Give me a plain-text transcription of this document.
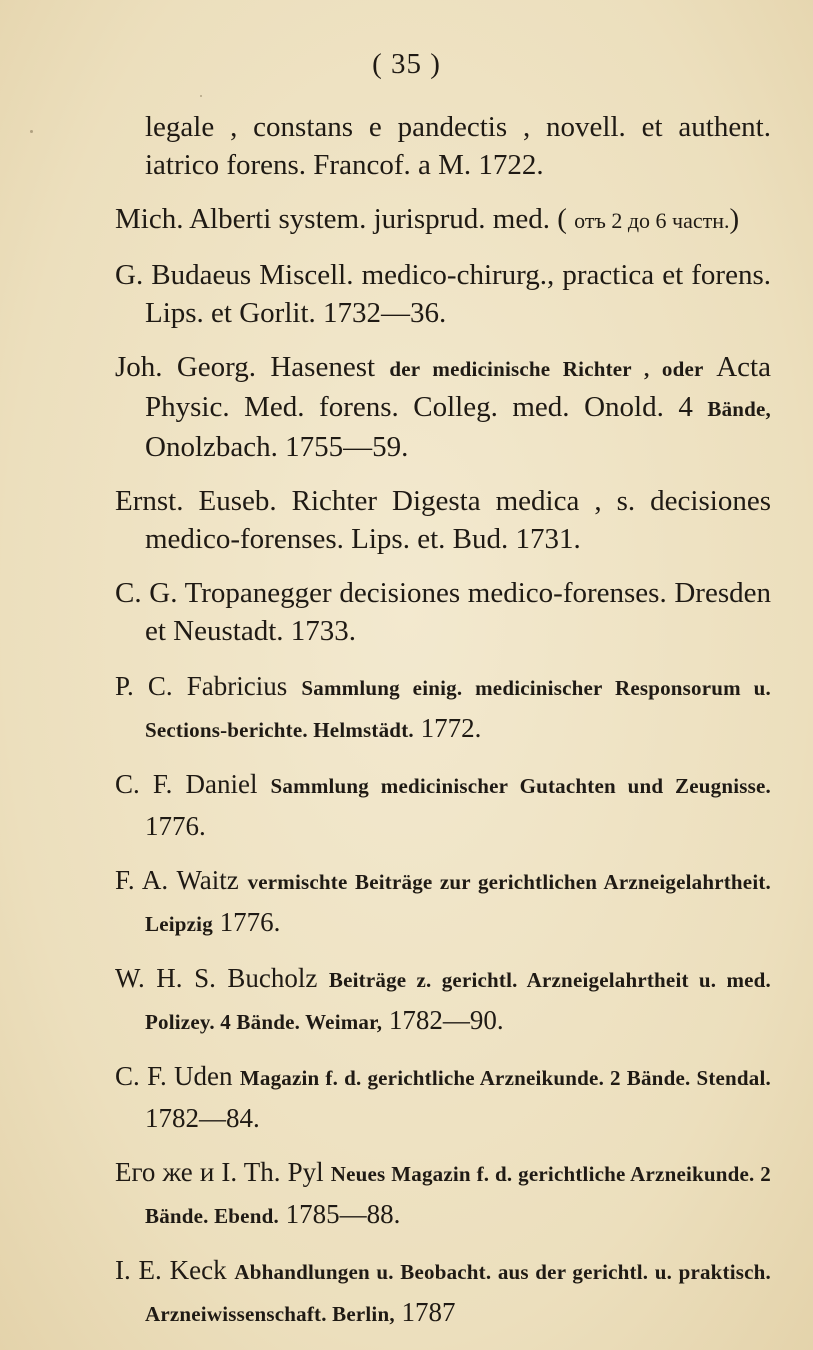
( 35 )
legale , constans e pandectis , novell. et authent. iatrico forens. Francof. a M. 1722.
Mich. Alberti system. jurisprud. med. ( отъ 2 до 6 частн.)
G. Budaeus Miscell. medico-chirurg., practica et forens. Lips. et Gorlit. 1732—36.
Joh. Georg. Hasenest der medicinische Richter , oder Acta Physic. Med. forens. Colleg. med. Onold. 4 Bände, Onolzbach. 1755—59.
Ernst. Euseb. Richter Digesta medica , s. decisiones medico-forenses. Lips. et. Bud. 1731.
C. G. Tropanegger decisiones medico-forenses. Dresden et Neustadt. 1733.
P. C. Fabricius Sammlung einig. medicinischer Responsorum u. Sections-berichte. Helmstädt. 1772.
C. F. Daniel Sammlung medicinischer Gutachten und Zeugnisse. 1776.
F. A. Waitz vermischte Beiträge zur gerichtlichen Arzneigelahrtheit. Leipzig 1776.
W. H. S. Bucholz Beiträge z. gerichtl. Arzneigelahrtheit u. med. Polizey. 4 Bände. Weimar, 1782—90.
C. F. Uden Magazin f. d. gerichtliche Arzneikunde. 2 Bände. Stendal. 1782—84.
Его же и I. Th. Pyl Neues Magazin f. d. gerichtliche Arzneikunde. 2 Bände. Ebend. 1785—88.
I. E. Keck Abhandlungen u. Beobacht. aus der gerichtl. u. praktisch. Arzneiwissenschaft. Berlin, 1787
